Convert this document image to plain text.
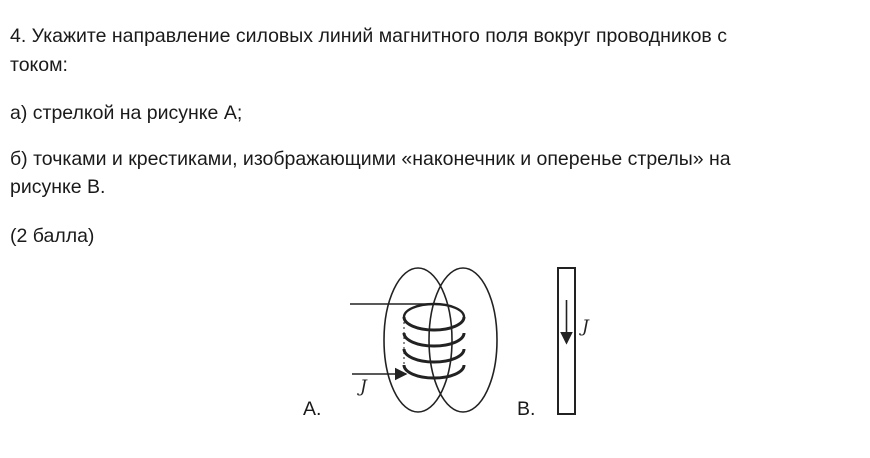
4. Укажите направление силовых линий магнитного поля вокруг проводников с
током:
а) стрелкой на рисунке А;
б) точками и крестиками, изображающими «наконечник и оперенье стрелы» на
рисунке В.
(2 балла)
J
А.
J
В.
